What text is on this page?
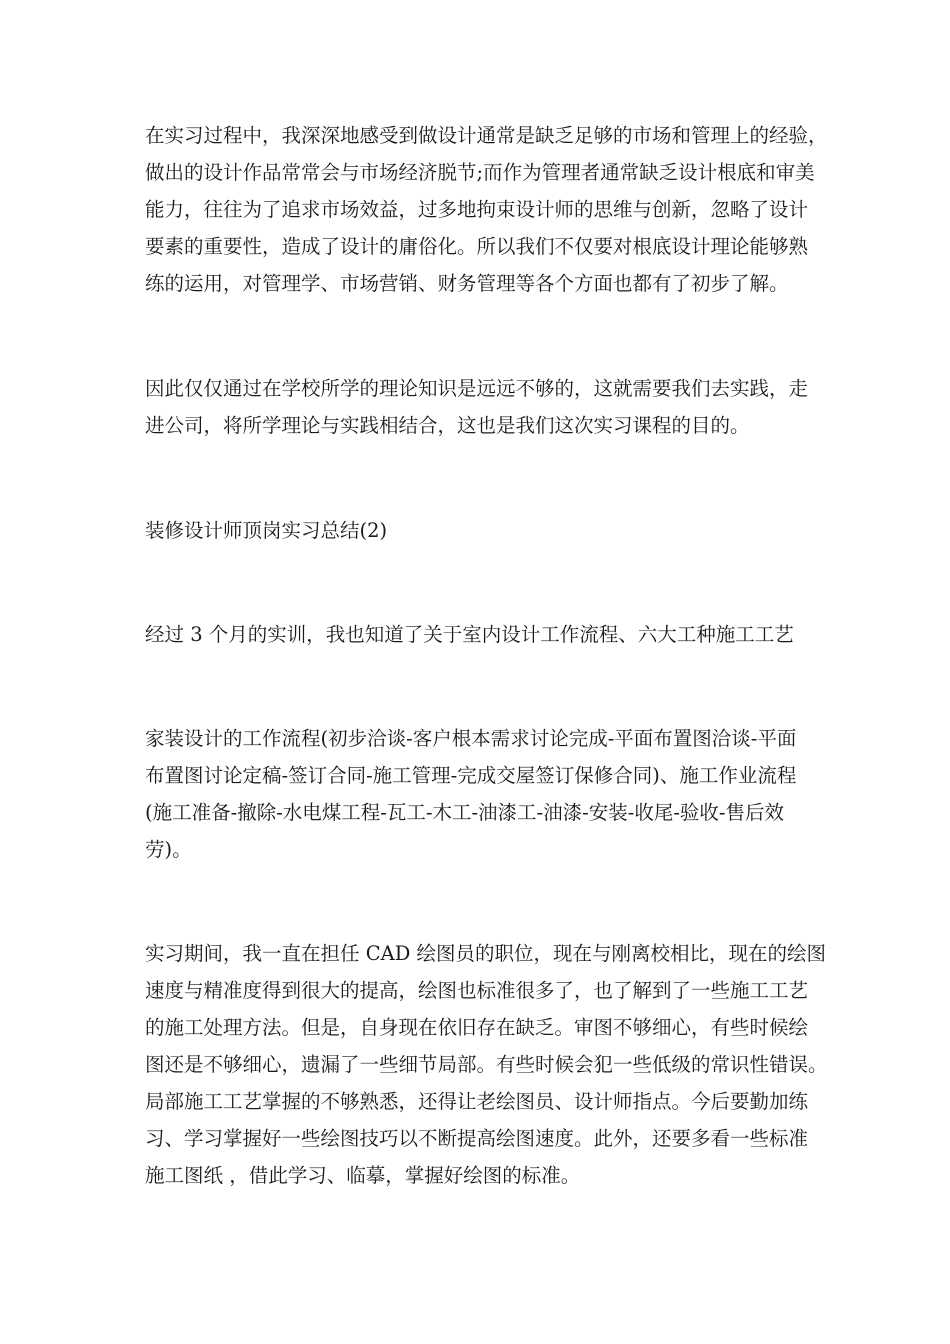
在实习过程中，我深深地感受到做设计通常是缺乏足够的市场和管理上的经验，
做出的设计作品常常会与市场经济脱节;而作为管理者通常缺乏设计根底和审美
能力，往往为了追求市场效益，过多地拘束设计师的思维与创新，忽略了设计
要素的重要性，造成了设计的庸俗化。所以我们不仅要对根底设计理论能够熟
练的运用，对管理学、市场营销、财务管理等各个方面也都有了初步了解。
因此仅仅通过在学校所学的理论知识是远远不够的，这就需要我们去实践，走
进公司，将所学理论与实践相结合，这也是我们这次实习课程的目的。
装修设计师顶岗实习总结(2)
经过 3 个月的实训，我也知道了关于室内设计工作流程、六大工种施工工艺
家装设计的工作流程(初步洽谈-客户根本需求讨论完成-平面布置图洽谈-平面
布置图讨论定稿-签订合同-施工管理-完成交屋签订保修合同)、施工作业流程
(施工准备-撤除-水电煤工程-瓦工-木工-油漆工-油漆-安装-收尾-验收-售后效
劳)。
实习期间，我一直在担任 CAD 绘图员的职位，现在与刚离校相比，现在的绘图
速度与精准度得到很大的提高，绘图也标准很多了，也了解到了一些施工工艺
的施工处理方法。但是，自身现在依旧存在缺乏。审图不够细心，有些时候绘
图还是不够细心，遗漏了一些细节局部。有些时候会犯一些低级的常识性错误。
局部施工工艺掌握的不够熟悉，还得让老绘图员、设计师指点。今后要勤加练
习、学习掌握好一些绘图技巧以不断提高绘图速度。此外，还要多看一些标准
施工图纸 ，借此学习、临摹，掌握好绘图的标准。
